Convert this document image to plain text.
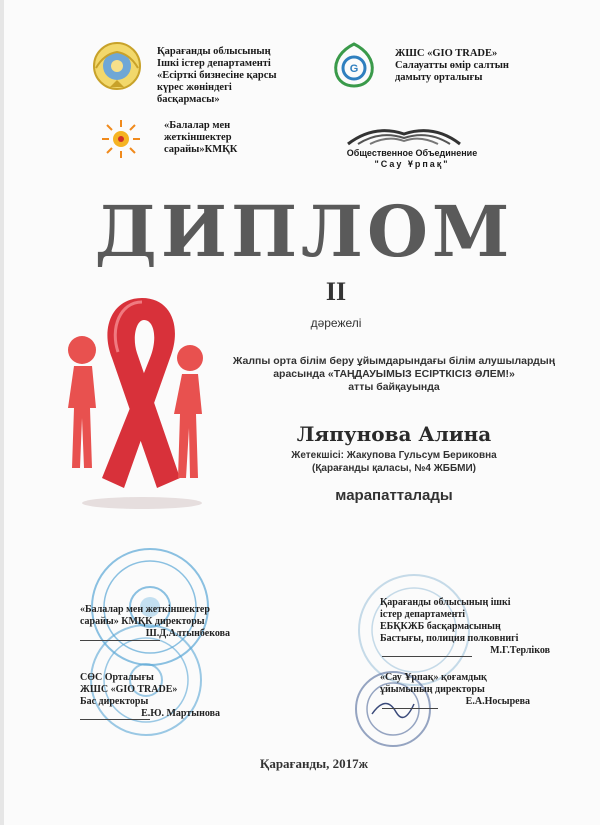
Қарағанды облысының
Ішкі істер департаменті
«Есірткі бизнесіне қарсы
күрес жөніндегі
басқармасы»
G
ЖШС «GIO TRADE»
Салауатты өмір салтын
дамыту орталығы
«Балалар мен
жеткіншектер
сарайы»КМҚК	Общественное Объединение
"Сау Ұрпақ"
ДИПЛОМ
II
дәрежелі
Жалпы орта білім беру ұйымдарындағы білім алушылардың
арасында «ТАҢДАУЫМЫЗ ЕСІРТКІСІЗ ӘЛЕМ!»
атты байқауында
Ляпунова Алина
Жетекшісі: Жакупова Гульсум Бериковна
(Қарағанды қаласы, №4 ЖББМИ)
марапатталады
«Балалар мен жеткіншектер
сарайы» КМҚК директоры
Ш.Д.Алтынбекова
СӨС Орталығы
ЖШС «GIO TRADE»
Бас директоры
Е.Ю. Мартынова
Қарағанды облысының ішкі
істер департаменті
ЕБҚКЖБ басқармасының
Бастығы, полиция полковнигі
М.Г.Терліков
«Сау Ұрпақ» қоғамдық
ұйымының директоры
Е.А.Носырева
Қарағанды, 2017ж
